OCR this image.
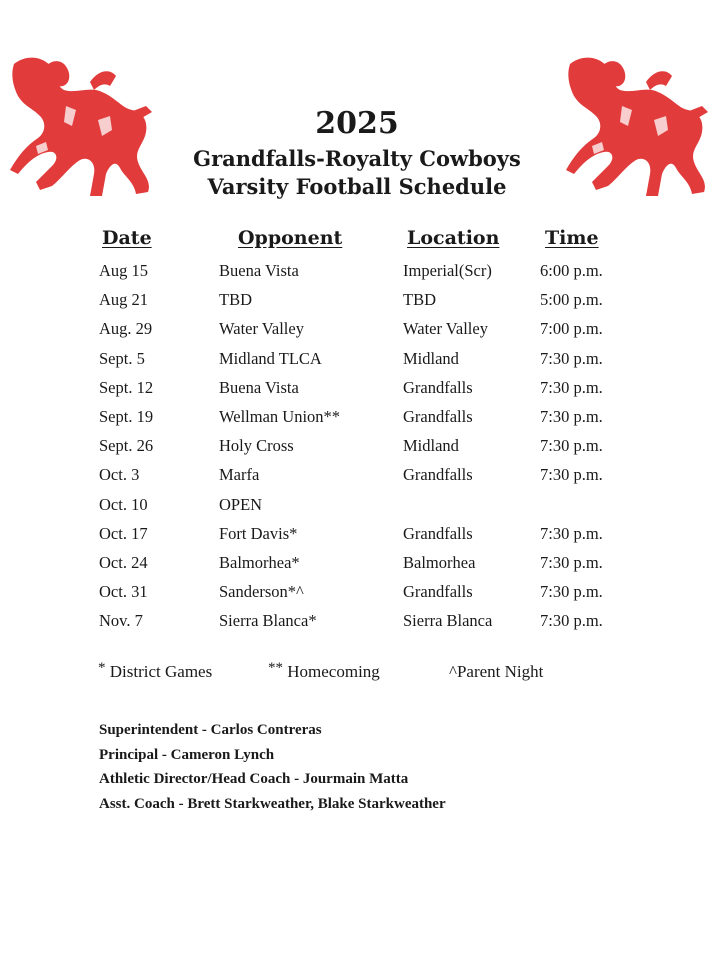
2025
Grandfalls-Royalty Cowboys
Varsity Football Schedule
Date	Opponent	Location Time
Aug 15	Buena Vista	Imperial(Scr)	6:00 p.m.
Aug 21	TBD	TBD	5:00 p.m.
Aug. 29	Water Valley	Water Valley	7:00 p.m.
Sept. 5	Midland TLCA	Midland	7:30 p.m.
Sept. 12	Buena Vista	Grandfalls	7:30 p.m.
Sept. 19	Wellman Union**	Grandfalls	7:30 p.m.
Sept. 26	Holy Cross	Midland	7:30 p.m.
Oct. 3	Marfa	Grandfalls	7:30 p.m.
Oct. 10	OPEN
Oct. 17	Fort Davis*	Grandfalls	7:30 p.m.
Oct. 24	Balmorhea*	Balmorhea	7:30 p.m.
Oct. 31	Sanderson*^	Grandfalls	7:30 p.m.
Nov. 7	Sierra Blanca*	Sierra Blanca	7:30 p.m.
* District Games	** Homecoming	^Parent Night
Superintendent - Carlos Contreras
Principal - Cameron Lynch
Athletic Director/Head Coach - Jourmain Matta
Asst. Coach - Brett Starkweather, Blake Starkweather
